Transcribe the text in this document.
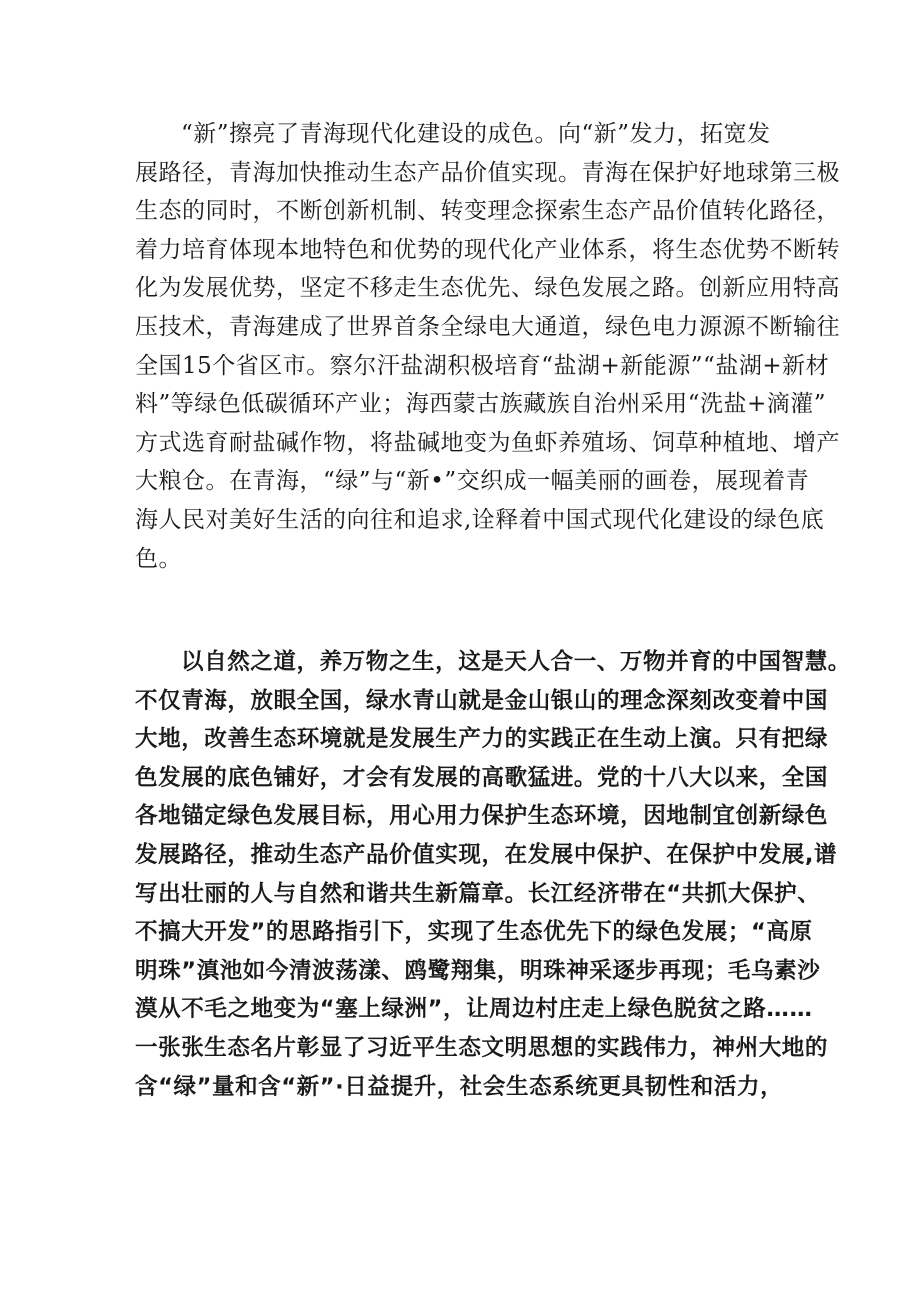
“新”擦亮了青海现代化建设的成色。向“新”发力，拓宽发
展路径，青海加快推动生态产品价值实现。青海在保护好地球第三极
生态的同时，不断创新机制、转变理念探索生态产品价值转化路径，
着力培育体现本地特色和优势的现代化产业体系，将生态优势不断转
化为发展优势，坚定不移走生态优先、绿色发展之路。创新应用特高
压技术，青海建成了世界首条全绿电大通道，绿色电力源源不断输往
全国15个省区市。察尔汗盐湖积极培育“盐湖+新能源”“盐湖+新材
料”等绿色低碳循环产业；海西蒙古族藏族自治州采用“洗盐+滴灌”
方式选育耐盐碱作物，将盐碱地变为鱼虾养殖场、饲草种植地、增产
大粮仓。在青海，“绿”与“新•”交织成一幅美丽的画卷，展现着青
海人民对美好生活的向往和追求,诠释着中国式现代化建设的绿色底
色。

以自然之道，养万物之生，这是天人合一、万物并育的中国智慧。
不仅青海，放眼全国，绿水青山就是金山银山的理念深刻改变着中国
大地，改善生态环境就是发展生产力的实践正在生动上演。只有把绿
色发展的底色铺好，才会有发展的高歌猛进。党的十八大以来，全国
各地锚定绿色发展目标，用心用力保护生态环境，因地制宜创新绿色
发展路径，推动生态产品价值实现，在发展中保护、在保护中发展,谱
写出壮丽的人与自然和谐共生新篇章。长江经济带在“共抓大保护、
不搞大开发”的思路指引下，实现了生态优先下的绿色发展；“高原
明珠”滇池如今清波荡漾、鸥鹭翔集，明珠神采逐步再现；毛乌素沙
漠从不毛之地变为“塞上绿洲”，让周边村庄走上绿色脱贫之路……
一张张生态名片彰显了习近平生态文明思想的实践伟力，神州大地的
含“绿”量和含“新”·日益提升，社会生态系统更具韧性和活力，
